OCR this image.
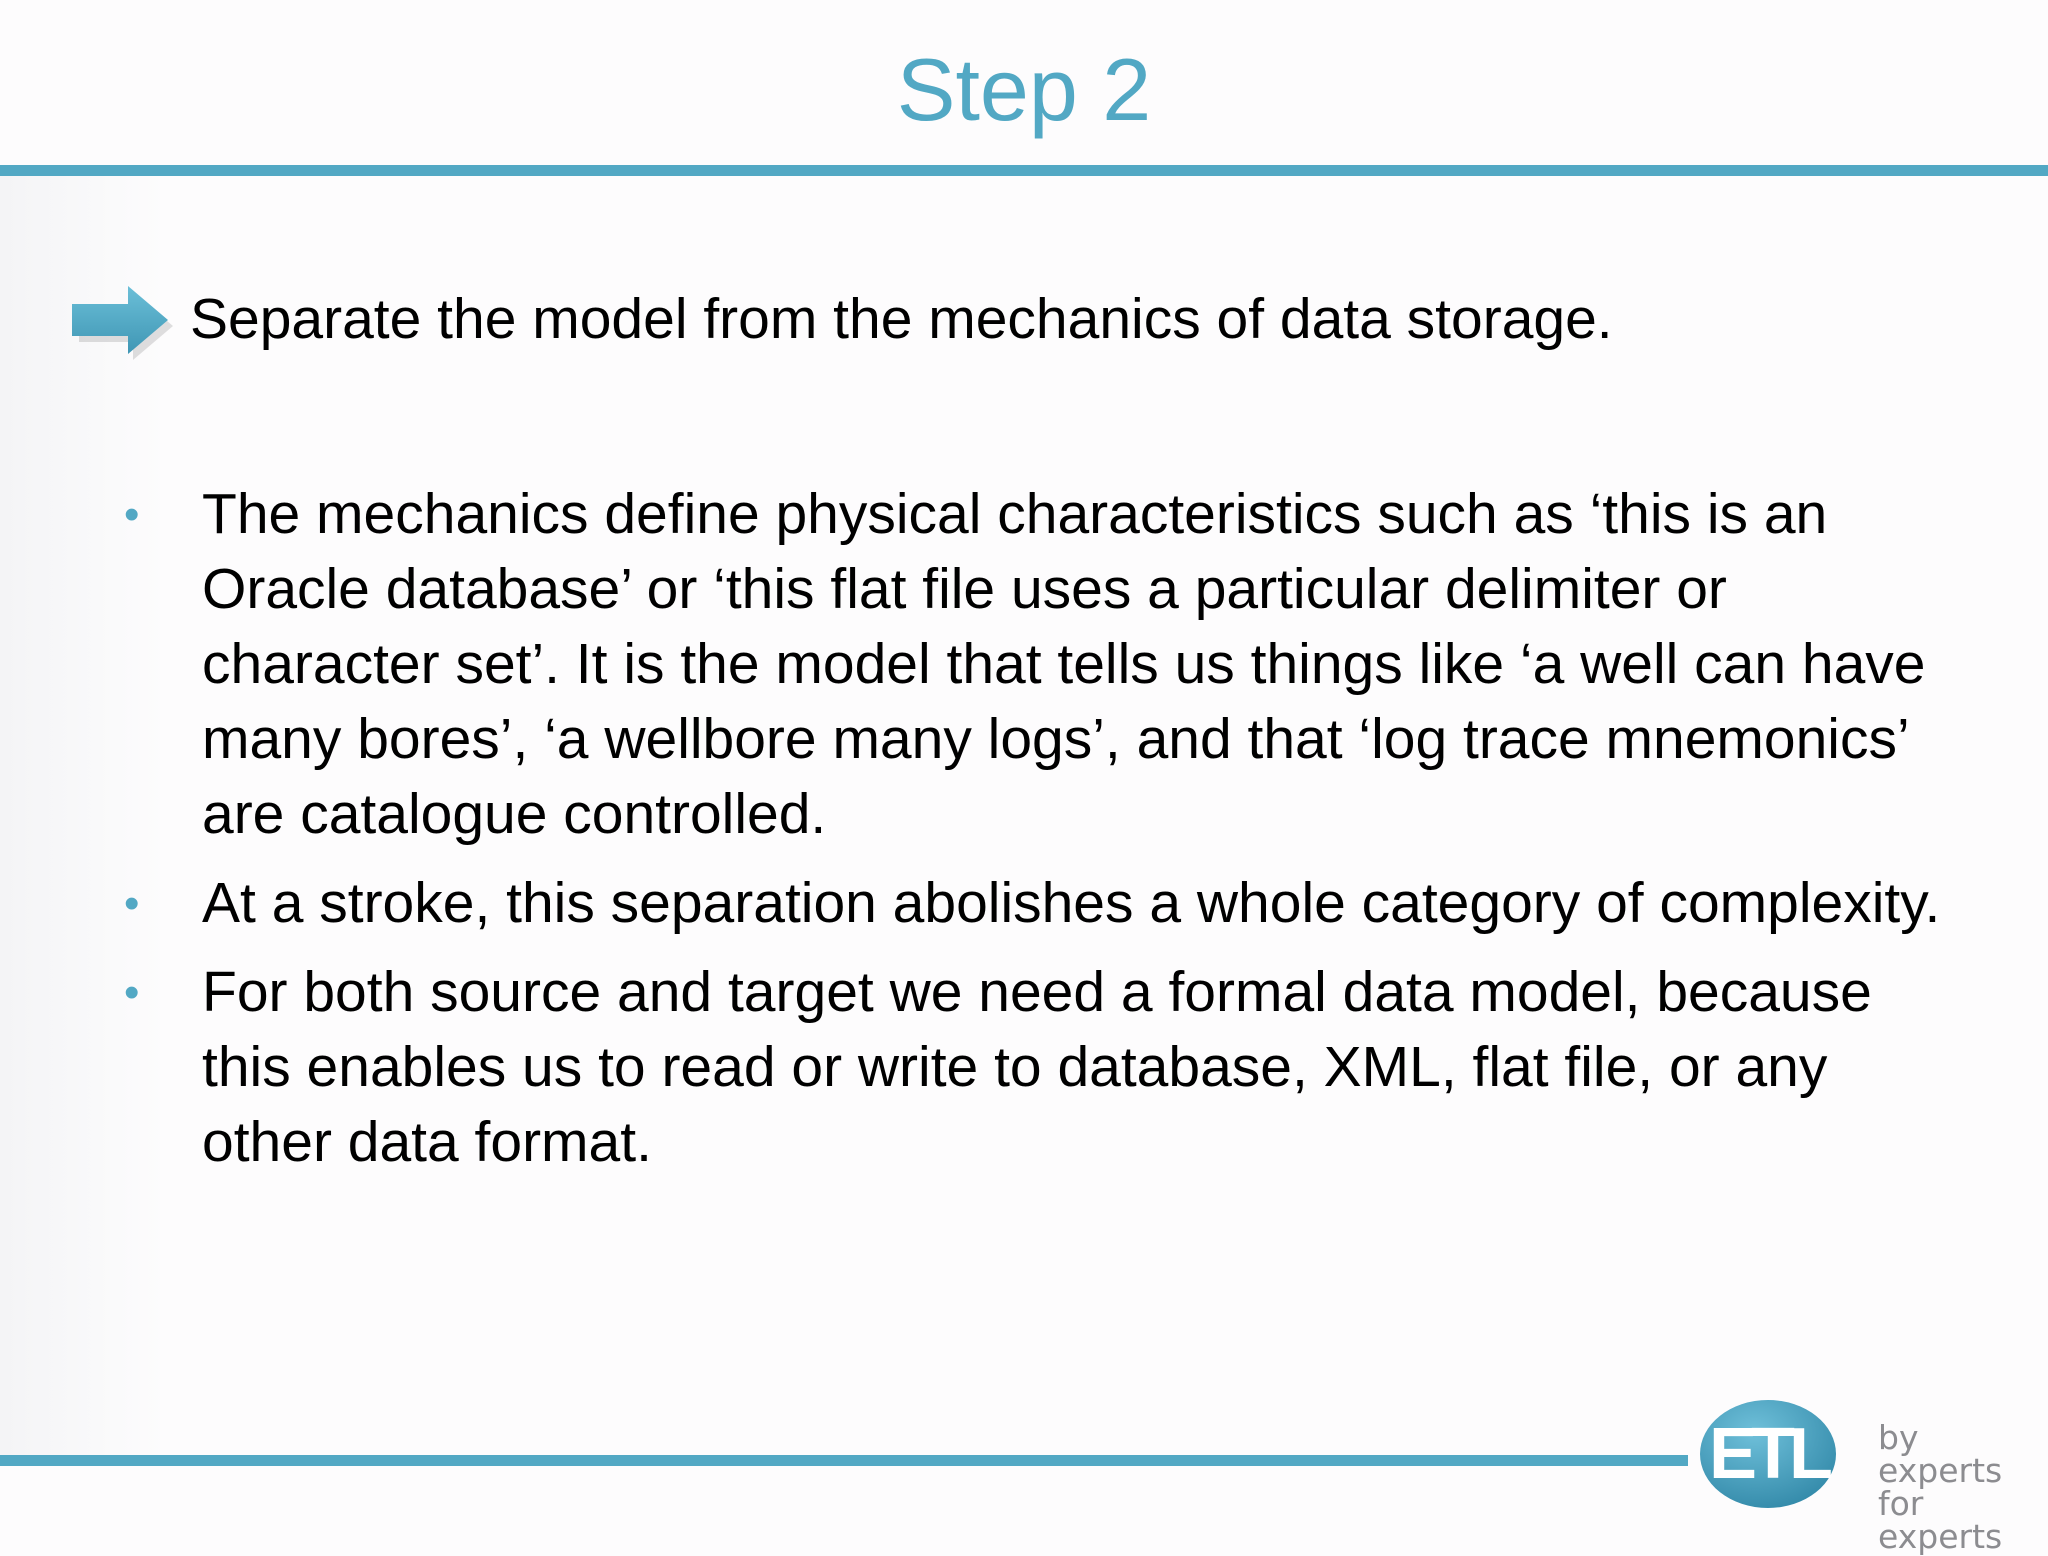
Step 2

Separate the model from the mechanics of data storage.

• The mechanics define physical characteristics such as ‘this is an Oracle database’ or ‘this flat file uses a particular delimiter or character set’. It is the model that tells us things like ‘a well can have many bores’, ‘a wellbore many logs’, and that ‘log trace mnemonics’ are catalogue controlled.
• At a stroke, this separation abolishes a whole category of complexity.
• For both source and target we need a formal data model, because this enables us to read or write to database, XML, flat file, or any other data format.
ETL by experts
for experts
